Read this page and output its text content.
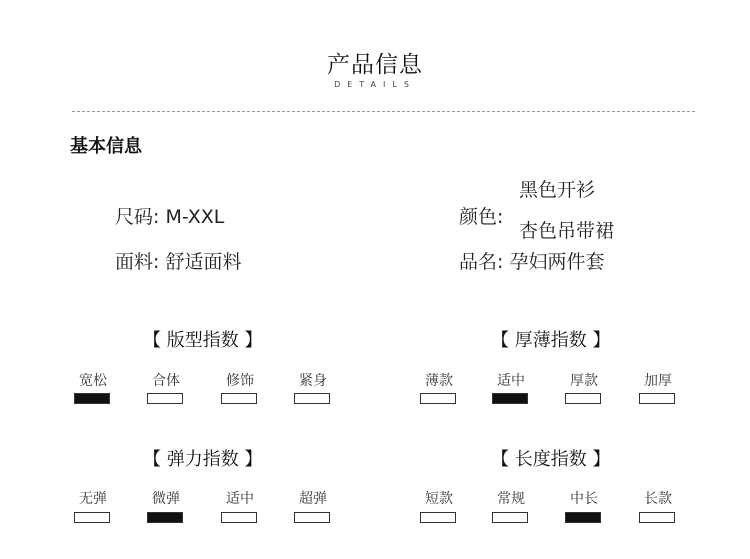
产品信息
DETAILS
基本信息
尺码: M-XXL
面料: 舒适面料
颜色:
黑色开衫
杏色吊带裙
品名: 孕妇两件套
【 版型指数 】
宽松	合体	修饰	紧身
【 厚薄指数 】
薄款	适中	厚款	加厚
【 弹力指数 】
无弹	微弹	适中	超弹
【 长度指数 】
短款	常规	中长	长款
